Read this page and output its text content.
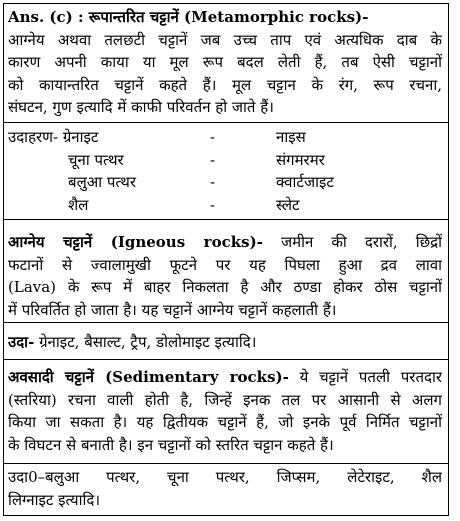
Ans. (c) : रूपान्तरित चट्टानें (Metamorphic rocks)-
आग्नेय अथवा तलछटी चट्टानें जब उच्च ताप एवं अत्यधिक दाब के
कारण अपनी काया या मूल रूप बदल लेती हैं, तब ऐसी चट्टानों
को कायान्तरित चट्टानें कहते हैं। मूल चट्टान के रंग, रूप रचना,
संघटन, गुण इत्यादि में काफी परिवर्तन हो जाते हैं।
उदाहरण- ग्रेनाइट	-	नाइस
चूना पत्थर	-	संगमरमर
बलुआ पत्थर	-	क्वार्टजाइट
शैल	-	स्लेट
आग्नेय चट्टानें (Igneous rocks)- जमीन की दरारों, छिद्रों
फटानों से ज्वालामुखी फूटने पर यह पिघला हुआ द्रव लावा
(Lava) के रूप में बाहर निकलता है और ठण्डा होकर ठोस चट्टानों
में परिवर्तित हो जाता है। यह चट्टानें आग्नेय चट्टानें कहलाती हैं।
उदा- ग्रेनाइट, बैसाल्ट, ट्रैप, डोलोमाइट इत्यादि।
अवसादी चट्टानें (Sedimentary rocks)- ये चट्टानें पतली परतदार
(स्तरिया) रचना वाली होती है, जिन्हें इनक तल पर आसानी से अलग
किया जा सकता है। यह द्वितीयक चट्टानें हैं, जो इनके पूर्व निर्मित चट्टानों
के विघटन से बनाती है। इन चट्टानों को स्तरित चट्टान कहते हैं।
उदा0–बलुआ पत्थर, चूना पत्थर, जिप्सम, लेटेराइट, शैल
लिग्नाइट इत्यादि।
